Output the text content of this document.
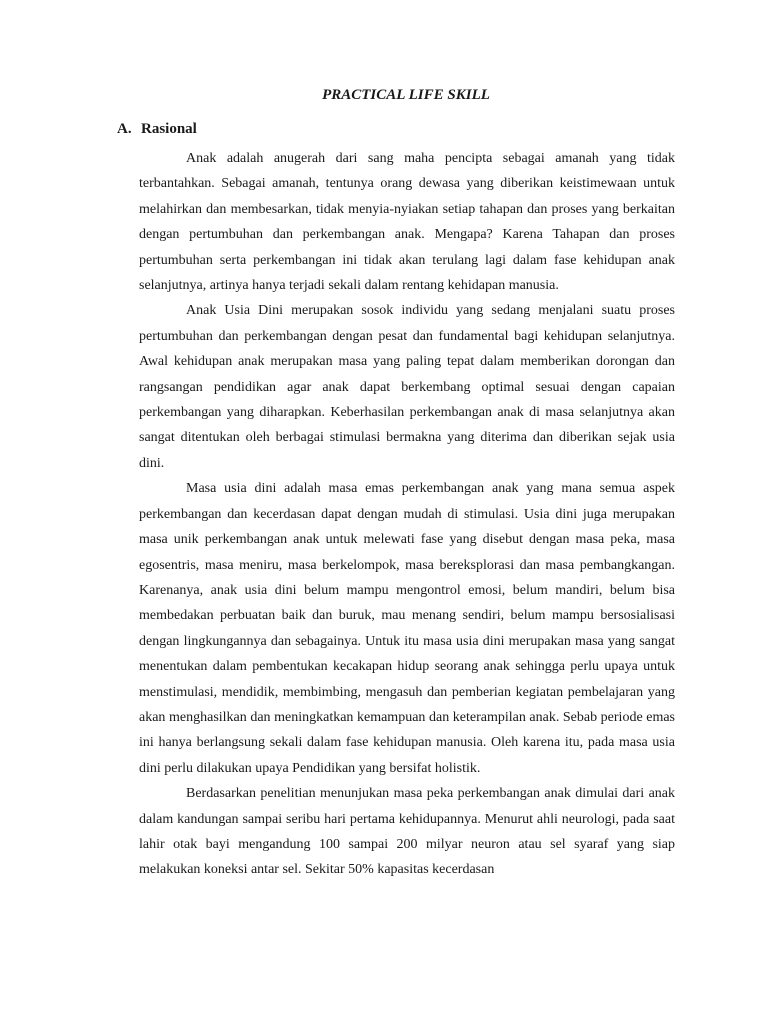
PRACTICAL LIFE SKILL
A. Rasional

Anak adalah anugerah dari sang maha pencipta sebagai amanah yang tidak terbantahkan. Sebagai amanah, tentunya orang dewasa yang diberikan keistimewaan untuk melahirkan dan membesarkan, tidak menyia-nyiakan setiap tahapan dan proses yang berkaitan dengan pertumbuhan dan perkembangan anak. Mengapa? Karena Tahapan dan proses pertumbuhan serta perkembangan ini tidak akan terulang lagi dalam fase kehidupan anak selanjutnya, artinya hanya terjadi sekali dalam rentang kehidapan manusia.

Anak Usia Dini merupakan sosok individu yang sedang menjalani suatu proses pertumbuhan dan perkembangan dengan pesat dan fundamental bagi kehidupan selanjutnya. Awal kehidupan anak merupakan masa yang paling tepat dalam memberikan dorongan dan rangsangan pendidikan agar anak dapat berkembang optimal sesuai dengan capaian perkembangan yang diharapkan. Keberhasilan perkembangan anak di masa selanjutnya akan sangat ditentukan oleh berbagai stimulasi bermakna yang diterima dan diberikan sejak usia dini.

Masa usia dini adalah masa emas perkembangan anak yang mana semua aspek perkembangan dan kecerdasan dapat dengan mudah di stimulasi. Usia dini juga merupakan masa unik perkembangan anak untuk melewati fase yang disebut dengan masa peka, masa egosentris, masa meniru, masa berkelompok, masa bereksplorasi dan masa pembangkangan. Karenanya, anak usia dini belum mampu mengontrol emosi, belum mandiri, belum bisa membedakan perbuatan baik dan buruk, mau menang sendiri, belum mampu bersosialisasi dengan lingkungannya dan sebagainya. Untuk itu masa usia dini merupakan masa yang sangat menentukan dalam pembentukan kecakapan hidup seorang anak sehingga perlu upaya untuk menstimulasi, mendidik, membimbing, mengasuh dan pemberian kegiatan pembelajaran yang akan menghasilkan dan meningkatkan kemampuan dan keterampilan anak. Sebab periode emas ini hanya berlangsung sekali dalam fase kehidupan manusia. Oleh karena itu, pada masa usia dini perlu dilakukan upaya Pendidikan yang bersifat holistik.

Berdasarkan penelitian menunjukan masa peka perkembangan anak dimulai dari anak dalam kandungan sampai seribu hari pertama kehidupannya. Menurut ahli neurologi, pada saat lahir otak bayi mengandung 100 sampai 200 milyar neuron atau sel syaraf yang siap melakukan koneksi antar sel. Sekitar 50% kapasitas kecerdasan
